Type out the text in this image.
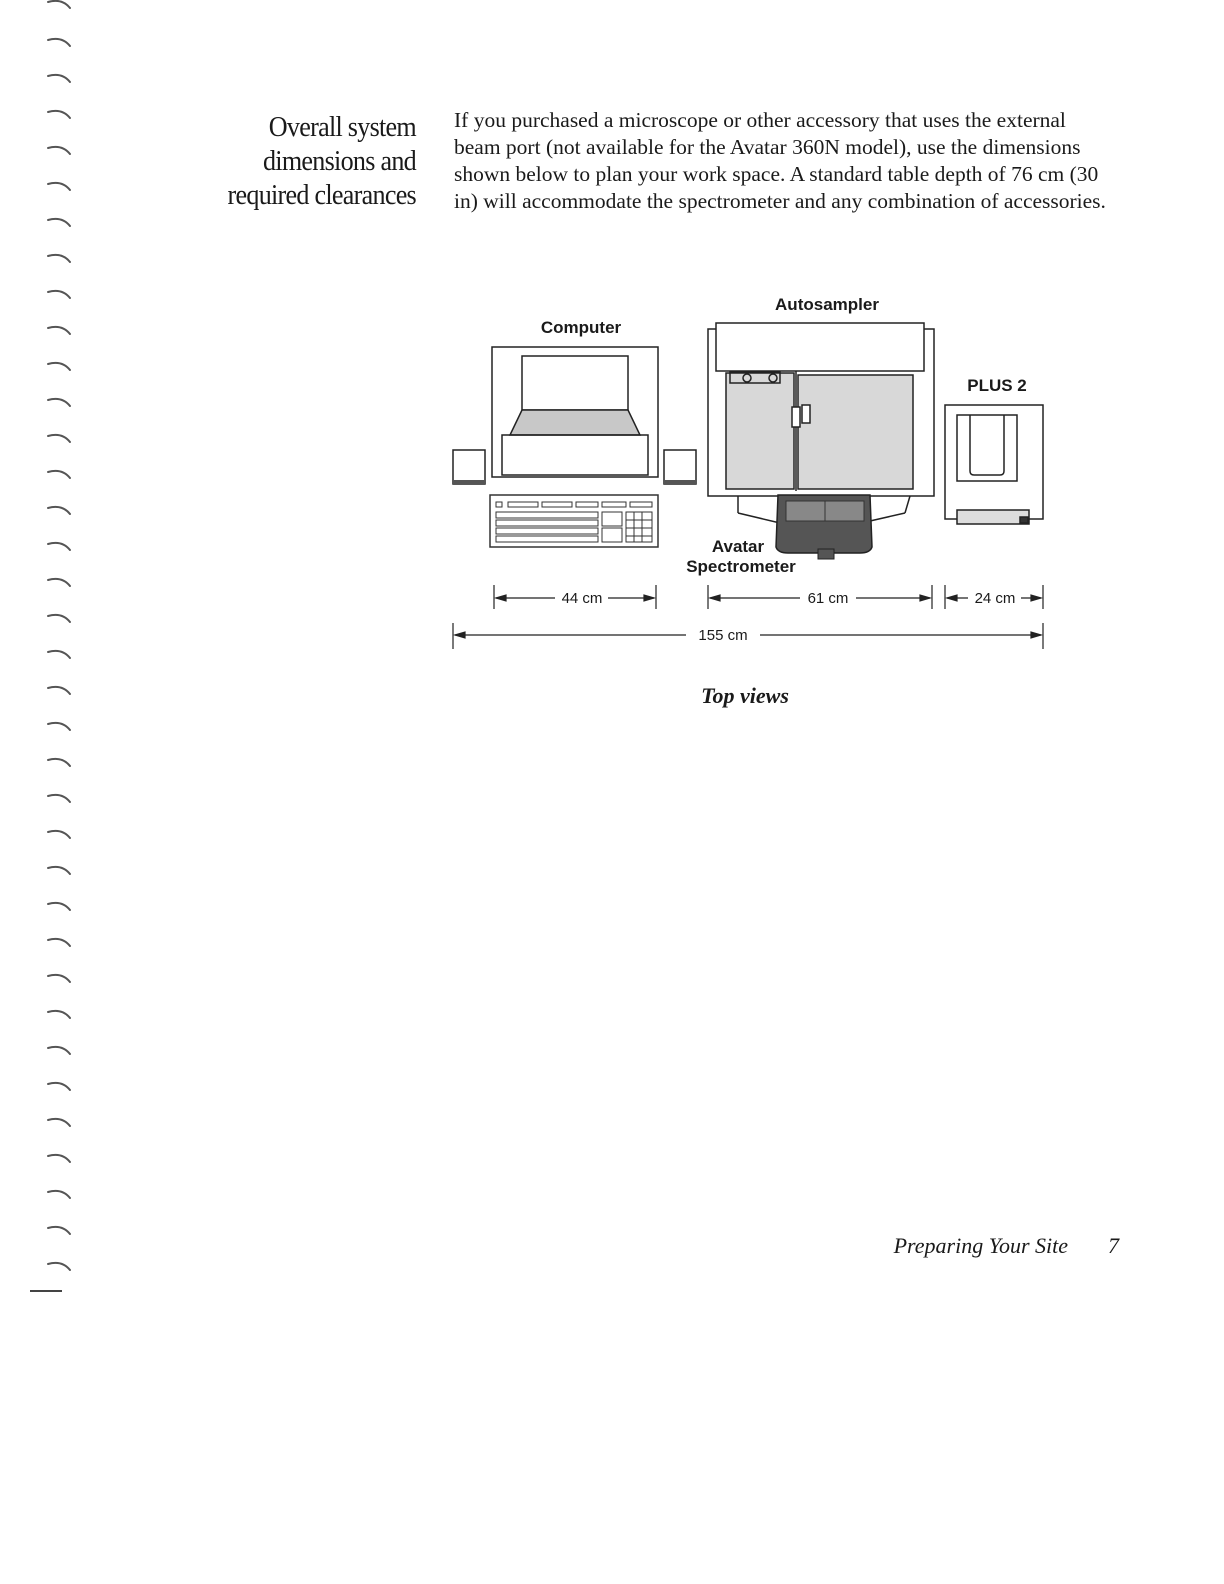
Overall system
dimensions and
required clearances

If you purchased a microscope or other accessory that uses the external beam port (not available for the Avatar 360N model), use the dimensions shown below to plan your work space. A standard table depth of 76 cm (30 in) will accommodate the spectrometer and any combination of accessories.

Computer
Autosampler
PLUS 2
Avatar
Spectrometer
44 cm	61 cm	24 cm
155 cm
Top views
Preparing Your Site 7
